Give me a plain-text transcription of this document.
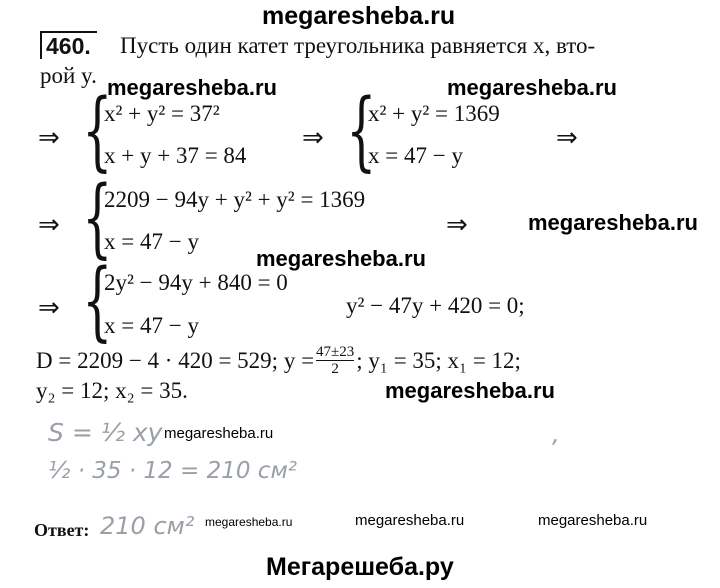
megaresheba.ru
460. Пусть один катет треугольника равняется x, вто-
рой y. megaresheba.ru	megaresheba.ru
⇒ {
x² + y² = 37²
x + y + 37 = 84
⇒ {
x² + y² = 1369
x = 47 − y
⇒
⇒ {
2209 − 94y + y² + y² = 1369
x = 47 − y
⇒	megaresheba.ru
megaresheba.ru
⇒ {
2y² − 94y + 840 = 0
x = 47 − y
y² − 47y + 420 = 0;
D = 2209 − 4 · 420 = 529; $y = \frac{47\pm 23}{2}$ ; y₁ = 35; x₁ = 12;
y₂ = 12; x₂ = 35.	megaresheba.ru
S = ½ xy megaresheba.ru	,
½ · 35 · 12 = 210 см²
Ответ: 210 см² megaresheba.ru	megaresheba.ru	megaresheba.ru
Мегарешеба.ру
